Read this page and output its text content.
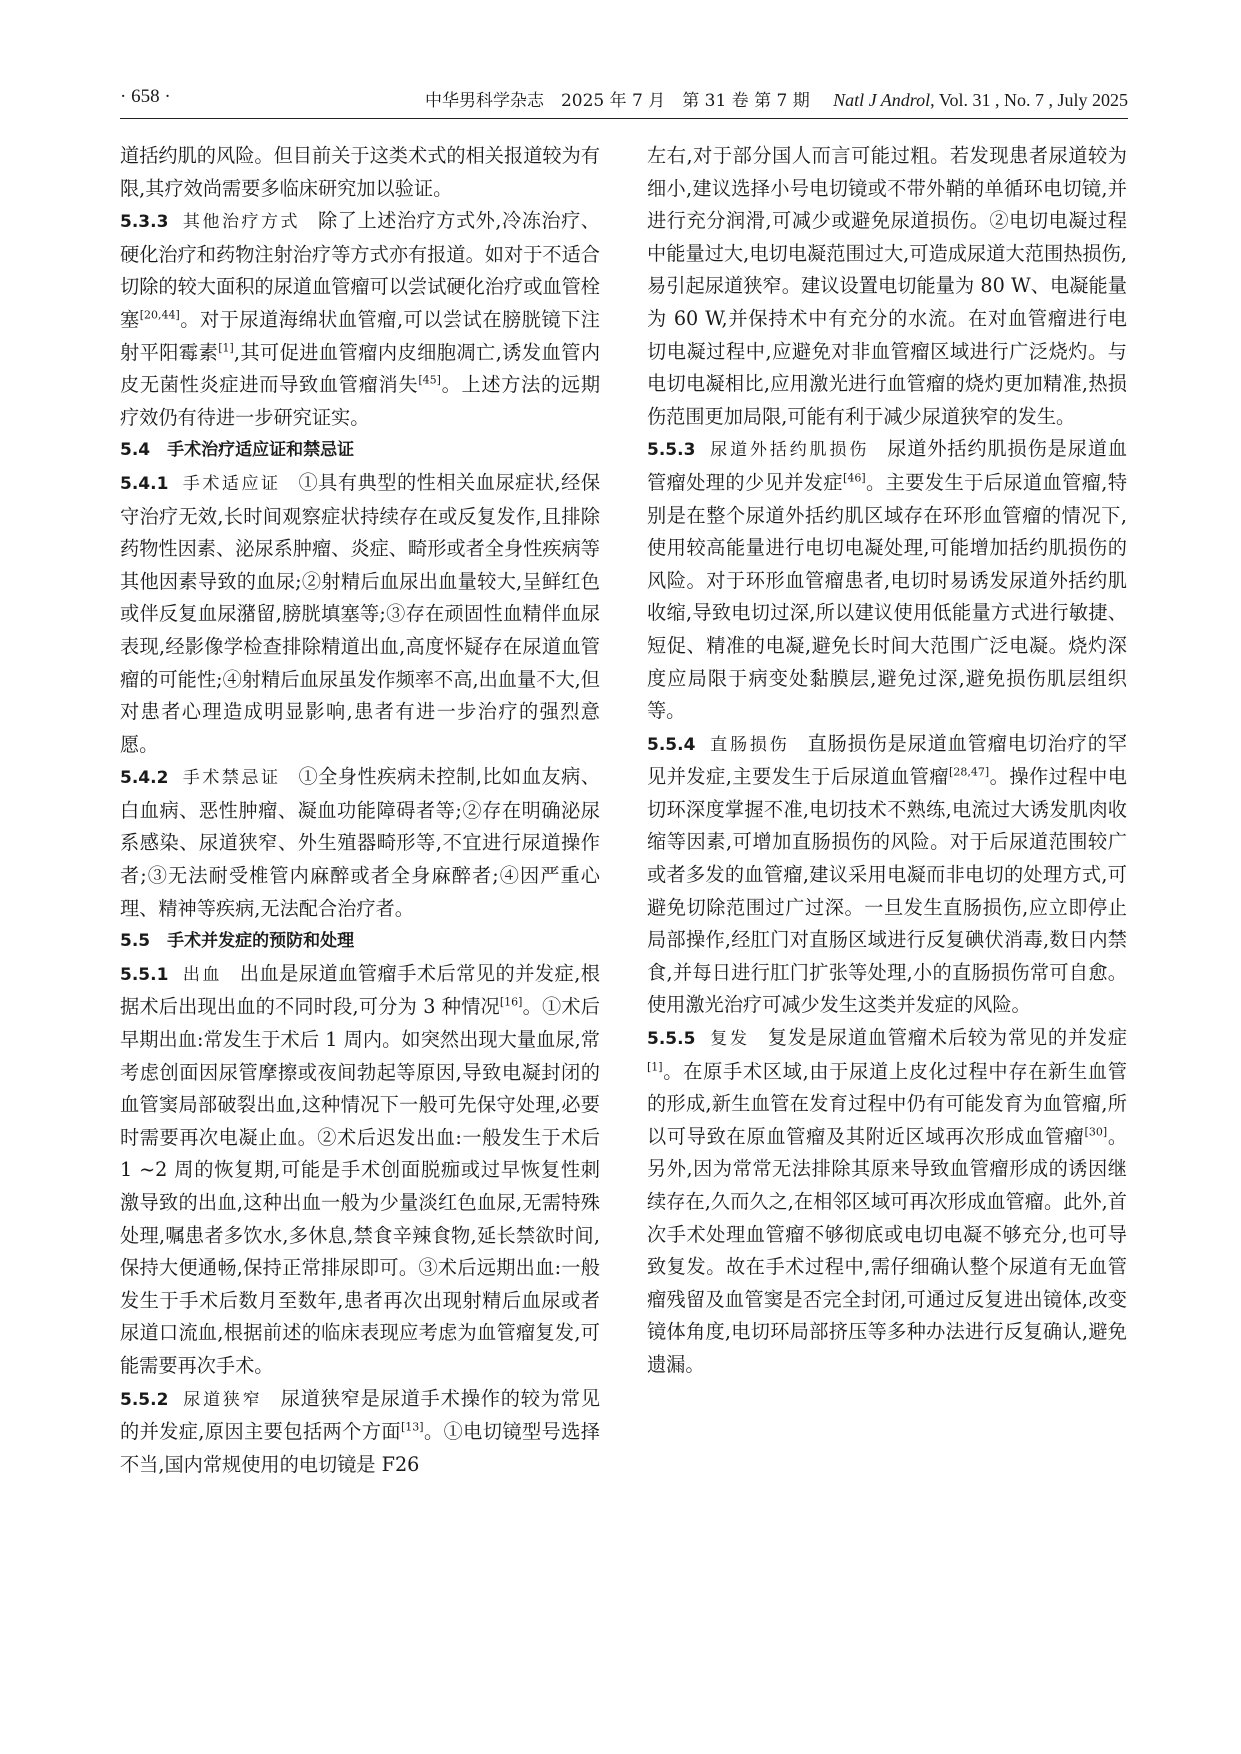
· 658 ·	中华男科学杂志　2025 年 7 月　第 31 卷 第 7 期 　 Natl J Androl, Vol. 31 , No. 7 , July 2025

道括约肌的风险。但目前关于这类术式的相关报道较为有限,其疗效尚需要多临床研究加以验证。

5.3.3 其他治疗方式 除了上述治疗方式外,冷冻治疗、硬化治疗和药物注射治疗等方式亦有报道。如对于不适合切除的较大面积的尿道血管瘤可以尝试硬化治疗或血管栓塞[20,44]。对于尿道海绵状血管瘤,可以尝试在膀胱镜下注射平阳霉素[1],其可促进血管瘤内皮细胞凋亡,诱发血管内皮无菌性炎症进而导致血管瘤消失[45]。上述方法的远期疗效仍有待进一步研究证实。

5.4　手术治疗适应证和禁忌证

5.4.1 手术适应证 ①具有典型的性相关血尿症状,经保守治疗无效,长时间观察症状持续存在或反复发作,且排除药物性因素、泌尿系肿瘤、炎症、畸形或者全身性疾病等其他因素导致的血尿;②射精后血尿出血量较大,呈鲜红色或伴反复血尿潴留,膀胱填塞等;③存在顽固性血精伴血尿表现,经影像学检查排除精道出血,高度怀疑存在尿道血管瘤的可能性;④射精后血尿虽发作频率不高,出血量不大,但对患者心理造成明显影响,患者有进一步治疗的强烈意愿。

5.4.2 手术禁忌证 ①全身性疾病未控制,比如血友病、白血病、恶性肿瘤、凝血功能障碍者等;②存在明确泌尿系感染、尿道狭窄、外生殖器畸形等,不宜进行尿道操作者;③无法耐受椎管内麻醉或者全身麻醉者;④因严重心理、精神等疾病,无法配合治疗者。

5.5　手术并发症的预防和处理

5.5.1 出血 出血是尿道血管瘤手术后常见的并发症,根据术后出现出血的不同时段,可分为 3 种情况[16]。①术后早期出血:常发生于术后 1 周内。如突然出现大量血尿,常考虑创面因尿管摩擦或夜间勃起等原因,导致电凝封闭的血管窦局部破裂出血,这种情况下一般可先保守处理,必要时需要再次电凝止血。②术后迟发出血:一般发生于术后 1 ~2 周的恢复期,可能是手术创面脱痂或过早恢复性刺激导致的出血,这种出血一般为少量淡红色血尿,无需特殊处理,嘱患者多饮水,多休息,禁食辛辣食物,延长禁欲时间,保持大便通畅,保持正常排尿即可。③术后远期出血:一般发生于手术后数月至数年,患者再次出现射精后血尿或者尿道口流血,根据前述的临床表现应考虑为血管瘤复发,可能需要再次手术。

5.5.2 尿道狭窄 尿道狭窄是尿道手术操作的较为常见的并发症,原因主要包括两个方面[13]。①电切镜型号选择不当,国内常规使用的电切镜是 F26

左右,对于部分国人而言可能过粗。若发现患者尿道较为细小,建议选择小号电切镜或不带外鞘的单循环电切镜,并进行充分润滑,可减少或避免尿道损伤。②电切电凝过程中能量过大,电切电凝范围过大,可造成尿道大范围热损伤,易引起尿道狭窄。建议设置电切能量为 80 W、电凝能量为 60 W,并保持术中有充分的水流。在对血管瘤进行电切电凝过程中,应避免对非血管瘤区域进行广泛烧灼。与电切电凝相比,应用激光进行血管瘤的烧灼更加精准,热损伤范围更加局限,可能有利于减少尿道狭窄的发生。

5.5.3 尿道外括约肌损伤 尿道外括约肌损伤是尿道血管瘤处理的少见并发症[46]。主要发生于后尿道血管瘤,特别是在整个尿道外括约肌区域存在环形血管瘤的情况下,使用较高能量进行电切电凝处理,可能增加括约肌损伤的风险。对于环形血管瘤患者,电切时易诱发尿道外括约肌收缩,导致电切过深,所以建议使用低能量方式进行敏捷、短促、精准的电凝,避免长时间大范围广泛电凝。烧灼深度应局限于病变处黏膜层,避免过深,避免损伤肌层组织等。

5.5.4 直肠损伤 直肠损伤是尿道血管瘤电切治疗的罕见并发症,主要发生于后尿道血管瘤[28,47]。操作过程中电切环深度掌握不准,电切技术不熟练,电流过大诱发肌肉收缩等因素,可增加直肠损伤的风险。对于后尿道范围较广或者多发的血管瘤,建议采用电凝而非电切的处理方式,可避免切除范围过广过深。一旦发生直肠损伤,应立即停止局部操作,经肛门对直肠区域进行反复碘伏消毒,数日内禁食,并每日进行肛门扩张等处理,小的直肠损伤常可自愈。使用激光治疗可减少发生这类并发症的风险。

5.5.5 复发 复发是尿道血管瘤术后较为常见的并发症[1]。在原手术区域,由于尿道上皮化过程中存在新生血管的形成,新生血管在发育过程中仍有可能发育为血管瘤,所以可导致在原血管瘤及其附近区域再次形成血管瘤[30]。另外,因为常常无法排除其原来导致血管瘤形成的诱因继续存在,久而久之,在相邻区域可再次形成血管瘤。此外,首次手术处理血管瘤不够彻底或电切电凝不够充分,也可导致复发。故在手术过程中,需仔细确认整个尿道有无血管瘤残留及血管窦是否完全封闭,可通过反复进出镜体,改变镜体角度,电切环局部挤压等多种办法进行反复确认,避免遗漏。
